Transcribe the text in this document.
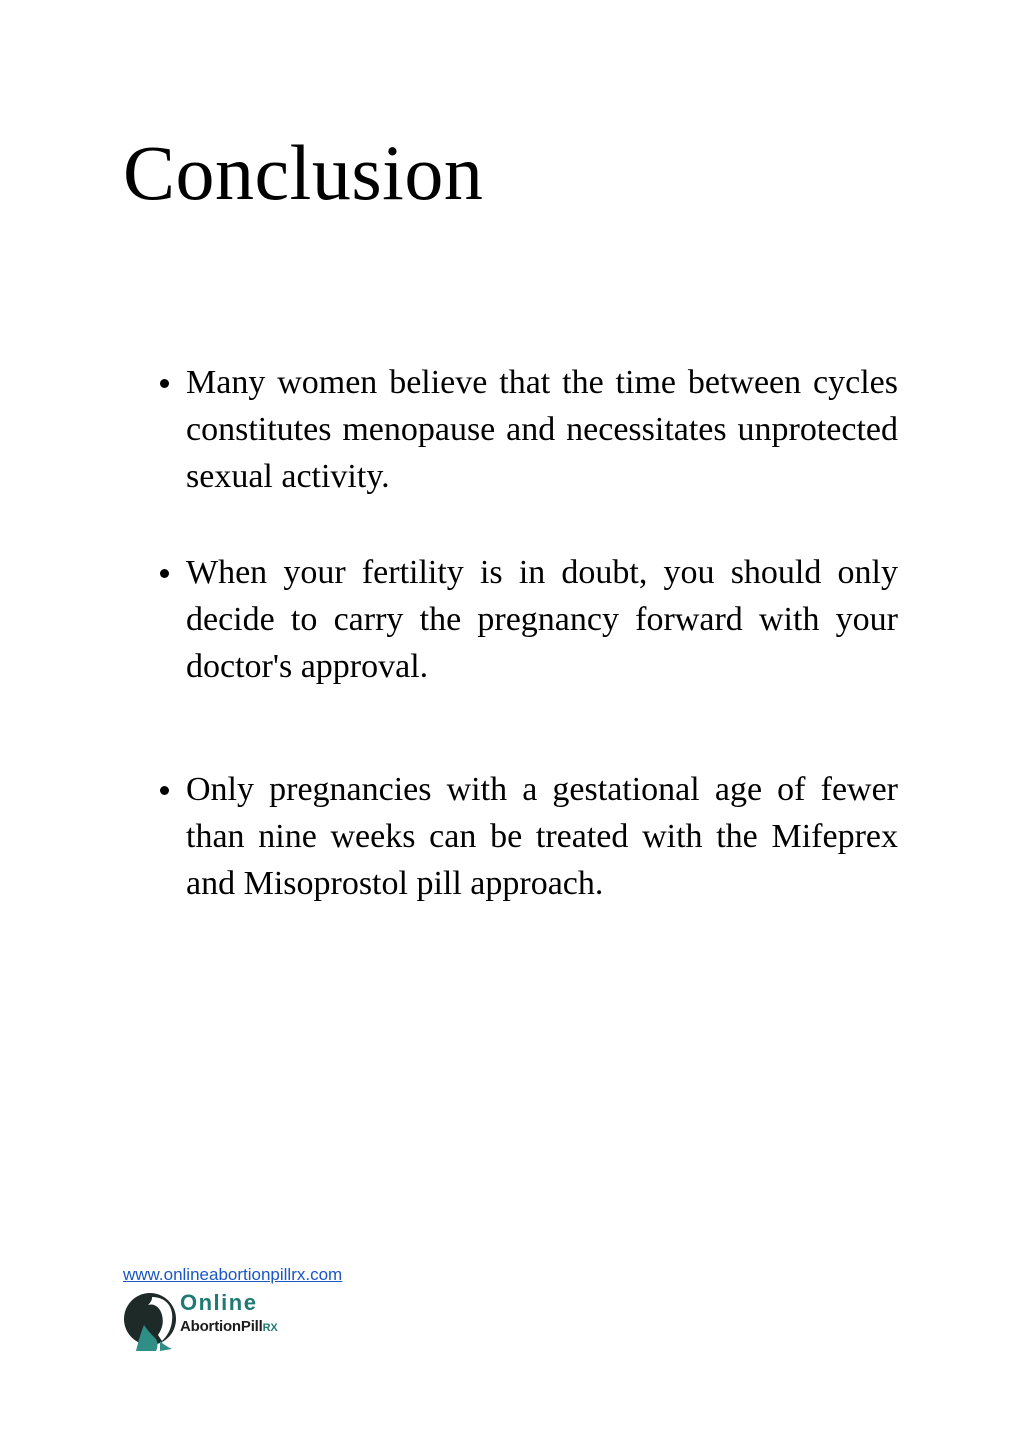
Conclusion
Many women believe that the time between cycles constitutes menopause and necessitates unprotected sexual activity.
When your fertility is in doubt, you should only decide to carry the pregnancy forward with your doctor's approval.
Only pregnancies with a gestational age of fewer than nine weeks can be treated with the Mifeprex and Misoprostol pill approach.
www.onlineabortionpillrx.com
Online
AbortionPillRX
